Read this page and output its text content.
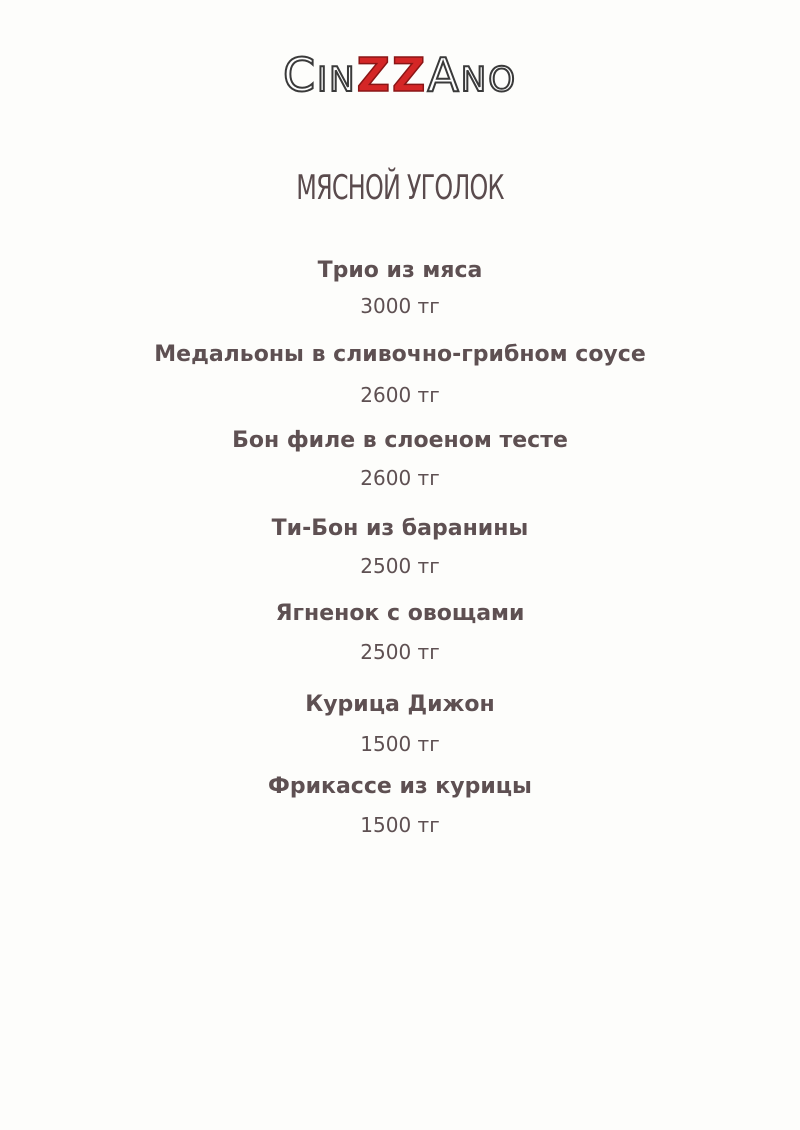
CINZZANO
МЯСНОЙ УГОЛОК
Трио из мяса
3000 тг
Медальоны в сливочно-грибном соусе
2600 тг
Бон филе в слоеном тесте
2600 тг
Ти-Бон из баранины
2500 тг
Ягненок с овощами
2500 тг
Курица Дижон
1500 тг
Фрикассе из курицы
1500 тг
